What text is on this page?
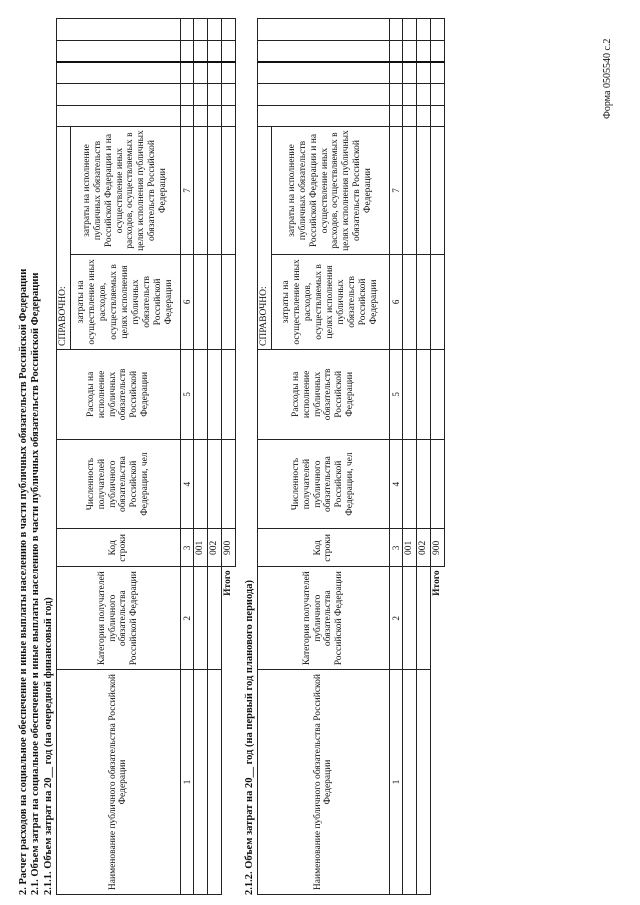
Форма 0505540 с.2
2. Расчет расходов на социальное обеспечение и иные выплаты населению в части публичных обязательств Российской Федерации 2.1. Объем затрат на социальное обеспечение и иные выплаты населению в части публичных обязательств Российской Федерации 2.1.1. Объем затрат на 20__ год (на очередной финансовый год)	Наименование публичного обязательства Российской Федерации	Категория получателей публичного обязательства Российской Федерации	Код строки	Численность получателей публичного обязательства Российской Федерации, чел	Расходы на исполнение публичных обязательств Российской Федерации	СПРАВОЧНО:						
					затраты на осуществление иных расходов, осуществляемых в целях исполнения публичных обязательств Российской Федерации	затраты на исполнение публичных обязательств Российской Федерации и на осуществление иных расходов, осуществляемых в целях исполнения публичных обязательств Российской Федерации					
1	2	3	4	5	6	7					
		001									
		002									
	Итого	900									
2.1.2. Объем затрат на 20__ год (на первый год планового периода)	Наименование публичного обязательства Российской Федерации	Категория получателей публичного обязательства Российской Федерации	Код строки	Численность получателей публичного обязательства Российской Федерации, чел	Расходы на исполнение публичных обязательств Российской Федерации	СПРАВОЧНО:						
					затраты на осуществление иных расходов, осуществляемых в целях исполнения публичных обязательств Российской Федерации	затраты на исполнение публичных обязательств Российской Федерации и на осуществление иных расходов, осуществляемых в целях исполнения публичных обязательств Российской Федерации					
1	2	3	4	5	6	7					
		001									
		002									
	Итого	900									
